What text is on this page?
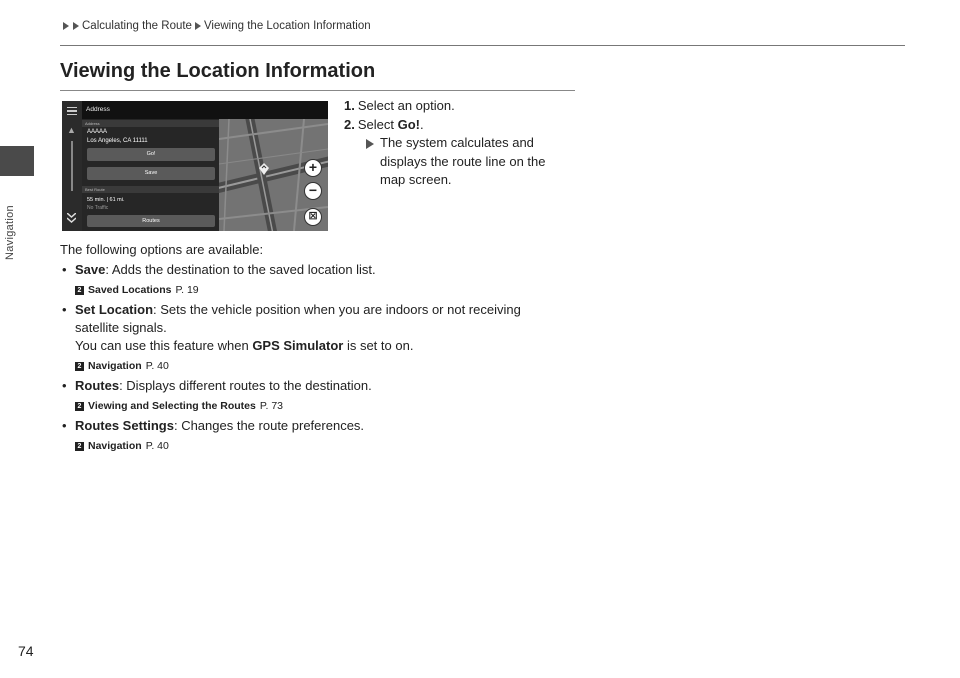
Navigation
Calculating the Route Viewing the Location Information
Viewing the Location Information
▲
Address
Address
AAAAA
Los Angeles, CA 11111
Go!
Save
Best Route
55 min. | 61 mi.
No Traffic
Routes
+
−
⊠
1. Select an option.
2. Select Go!.
The system calculates and
displays the route line on the
map screen.
The following options are available:
• Save: Adds the destination to the saved location list.
2 Saved Locations P. 19
• Set Location: Sets the vehicle position when you are indoors or not receiving
satellite signals.
You can use this feature when GPS Simulator is set to on.
2 Navigation P. 40
• Routes: Displays different routes to the destination.
2 Viewing and Selecting the Routes P. 73
• Routes Settings: Changes the route preferences.
2 Navigation P. 40
74
